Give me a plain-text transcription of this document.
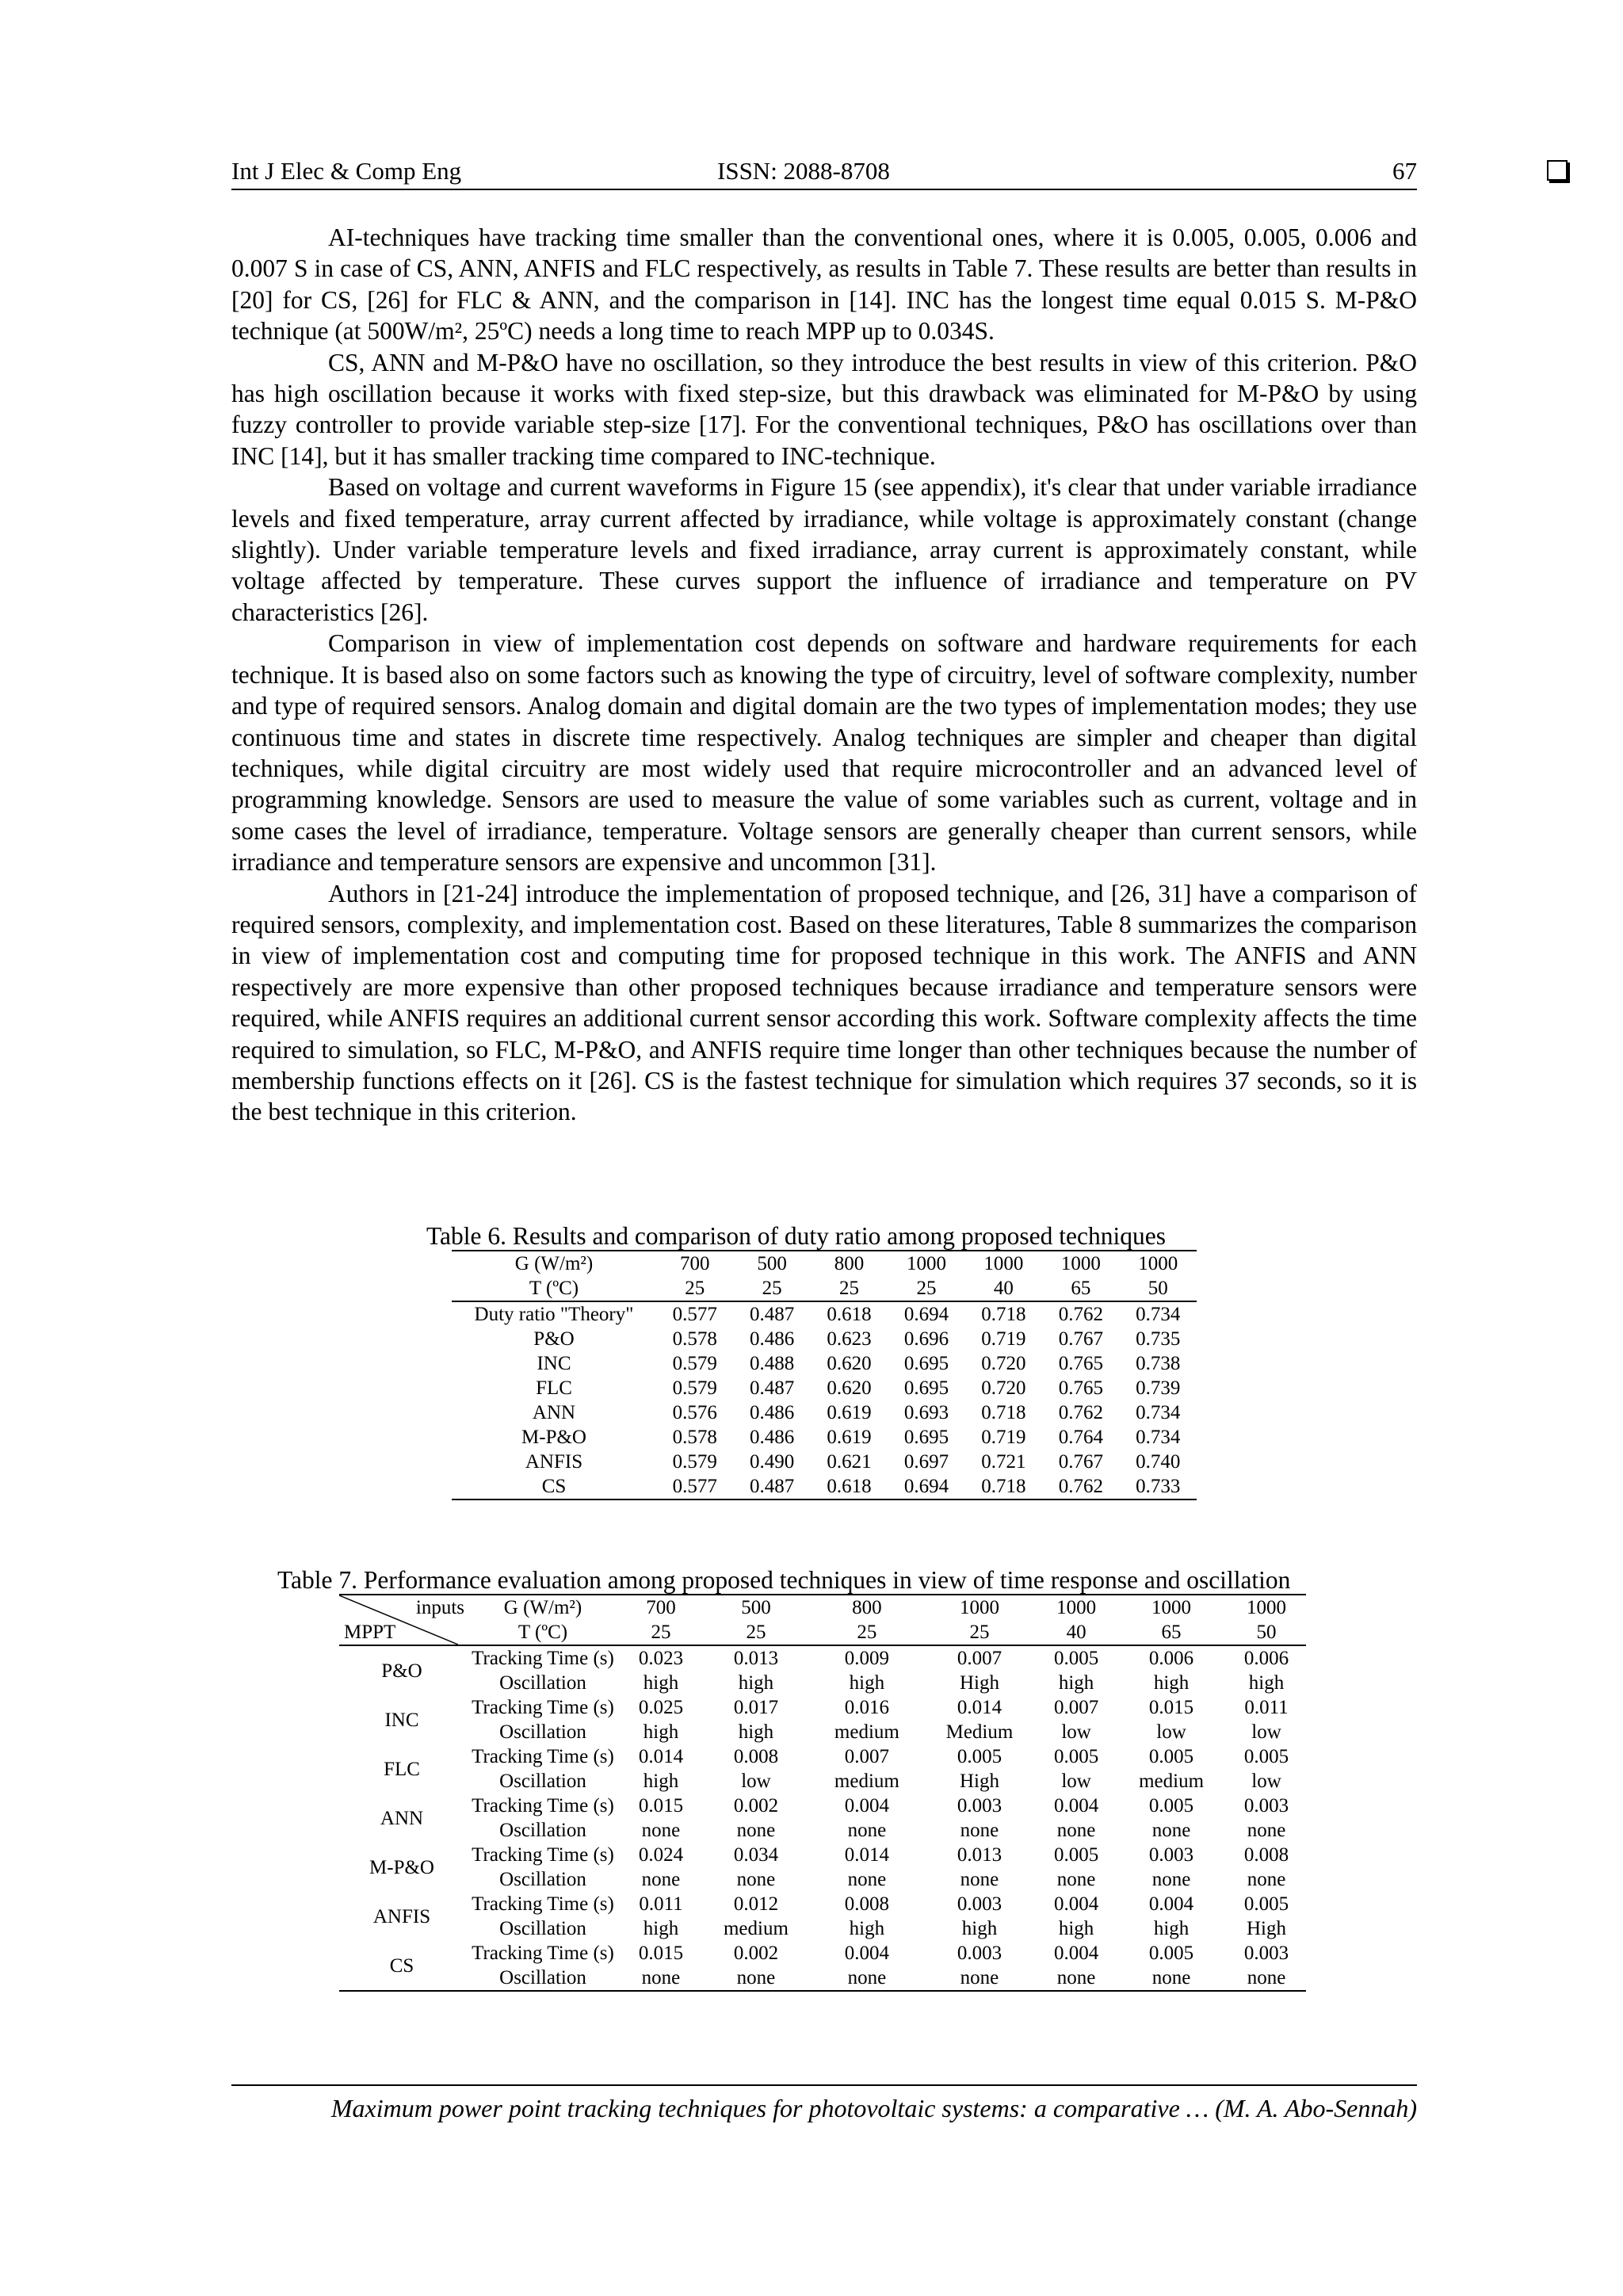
Int J Elec & Comp Eng	ISSN: 2088-8708	67

AI-techniques have tracking time smaller than the conventional ones, where it is 0.005, 0.005, 0.006 and 0.007 S in case of CS, ANN, ANFIS and FLC respectively, as results in Table 7. These results are better than results in [20] for CS, [26] for FLC & ANN, and the comparison in [14]. INC has the longest time equal 0.015 S. M-P&O technique (at 500W/m², 25ºC) needs a long time to reach MPP up to 0.034S.

CS, ANN and M-P&O have no oscillation, so they introduce the best results in view of this criterion. P&O has high oscillation because it works with fixed step-size, but this drawback was eliminated for M-P&O by using fuzzy controller to provide variable step-size [17]. For the conventional techniques, P&O has oscillations over than INC [14], but it has smaller tracking time compared to INC-technique.

Based on voltage and current waveforms in Figure 15 (see appendix), it's clear that under variable irradiance levels and fixed temperature, array current affected by irradiance, while voltage is approximately constant (change slightly). Under variable temperature levels and fixed irradiance, array current is approximately constant, while voltage affected by temperature. These curves support the influence of irradiance and temperature on PV characteristics [26].

Comparison in view of implementation cost depends on software and hardware requirements for each technique. It is based also on some factors such as knowing the type of circuitry, level of software complexity, number and type of required sensors. Analog domain and digital domain are the two types of implementation modes; they use continuous time and states in discrete time respectively. Analog techniques are simpler and cheaper than digital techniques, while digital circuitry are most widely used that require microcontroller and an advanced level of programming knowledge. Sensors are used to measure the value of some variables such as current, voltage and in some cases the level of irradiance, temperature. Voltage sensors are generally cheaper than current sensors, while irradiance and temperature sensors are expensive and uncommon [31].

Authors in [21-24] introduce the implementation of proposed technique, and [26, 31] have a comparison of required sensors, complexity, and implementation cost. Based on these literatures, Table 8 summarizes the comparison in view of implementation cost and computing time for proposed technique in this work. The ANFIS and ANN respectively are more expensive than other proposed techniques because irradiance and temperature sensors were required, while ANFIS requires an additional current sensor according this work. Software complexity affects the time required to simulation, so FLC, M-P&O, and ANFIS require time longer than other techniques because the number of membership functions effects on it [26]. CS is the fastest technique for simulation which requires 37 seconds, so it is the best technique in this criterion.

Table 6. Results and comparison of duty ratio among proposed techniques
G (W/m²)	700	500	800	1000	1000	1000	1000
T (ºC)	25	25	25	25	40	65	50
Duty ratio "Theory"	0.577	0.487	0.618	0.694	0.718	0.762	0.734
P&O	0.578	0.486	0.623	0.696	0.719	0.767	0.735
INC	0.579	0.488	0.620	0.695	0.720	0.765	0.738
FLC	0.579	0.487	0.620	0.695	0.720	0.765	0.739
ANN	0.576	0.486	0.619	0.693	0.718	0.762	0.734
M-P&O	0.578	0.486	0.619	0.695	0.719	0.764	0.734
ANFIS	0.579	0.490	0.621	0.697	0.721	0.767	0.740
CS	0.577	0.487	0.618	0.694	0.718	0.762	0.733
Table 7. Performance evaluation among proposed techniques in view of time response and oscillation
inputs
MPPT	G (W/m²)	700	500	800	1000	1000	1000	1000
	T (ºC)	25	25	25	25	40	65	50
P&O	Tracking Time (s)	0.023	0.013	0.009	0.007	0.005	0.006	0.006
	Oscillation	high	high	high	High	high	high	high
INC	Tracking Time (s)	0.025	0.017	0.016	0.014	0.007	0.015	0.011
	Oscillation	high	high	medium	Medium	low	low	low
FLC	Tracking Time (s)	0.014	0.008	0.007	0.005	0.005	0.005	0.005
	Oscillation	high	low	medium	High	low	medium	low
ANN	Tracking Time (s)	0.015	0.002	0.004	0.003	0.004	0.005	0.003
	Oscillation	none	none	none	none	none	none	none
M-P&O	Tracking Time (s)	0.024	0.034	0.014	0.013	0.005	0.003	0.008
	Oscillation	none	none	none	none	none	none	none
ANFIS	Tracking Time (s)	0.011	0.012	0.008	0.003	0.004	0.004	0.005
	Oscillation	high	medium	high	high	high	high	High
CS	Tracking Time (s)	0.015	0.002	0.004	0.003	0.004	0.005	0.003
	Oscillation	none	none	none	none	none	none	none
Maximum power point tracking techniques for photovoltaic systems: a comparative … (M. A. Abo-Sennah)
